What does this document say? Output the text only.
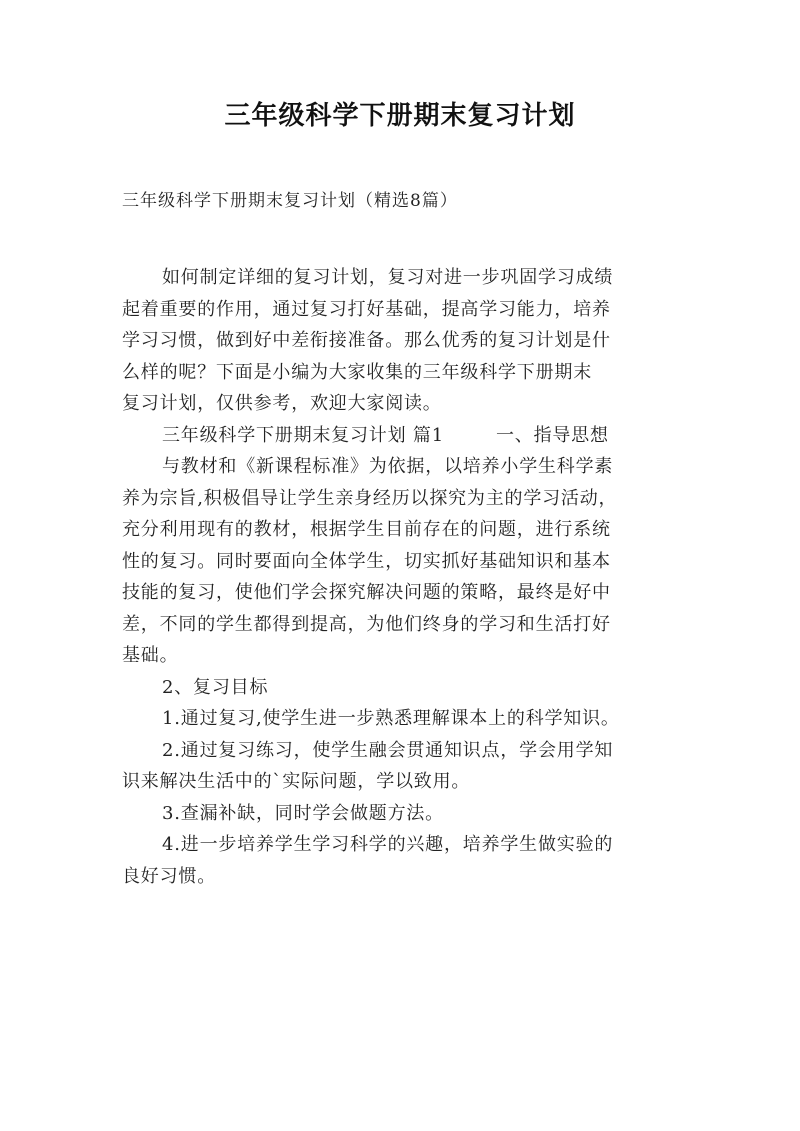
三年级科学下册期末复习计划
三年级科学下册期末复习计划（精选8篇）
如何制定详细的复习计划，复习对进一步巩固学习成绩
起着重要的作用，通过复习打好基础，提高学习能力，培养
学习习惯，做到好中差衔接准备。那么优秀的复习计划是什
么样的呢？下面是小编为大家收集的三年级科学下册期末
复习计划，仅供参考，欢迎大家阅读。
三年级科学下册期末复习计划 篇1	一、指导思想
与教材和《新课程标准》为依据，以培养小学生科学素
养为宗旨,积极倡导让学生亲身经历以探究为主的学习活动，
充分利用现有的教材，根据学生目前存在的问题，进行系统
性的复习。同时要面向全体学生，切实抓好基础知识和基本
技能的复习，使他们学会探究解决问题的策略，最终是好中
差，不同的学生都得到提高，为他们终身的学习和生活打好
基础。
2、复习目标
1.通过复习,使学生进一步熟悉理解课本上的科学知识。
2.通过复习练习，使学生融会贯通知识点，学会用学知
识来解决生活中的`实际问题，学以致用。
3.查漏补缺，同时学会做题方法。
4.进一步培养学生学习科学的兴趣，培养学生做实验的
良好习惯。
